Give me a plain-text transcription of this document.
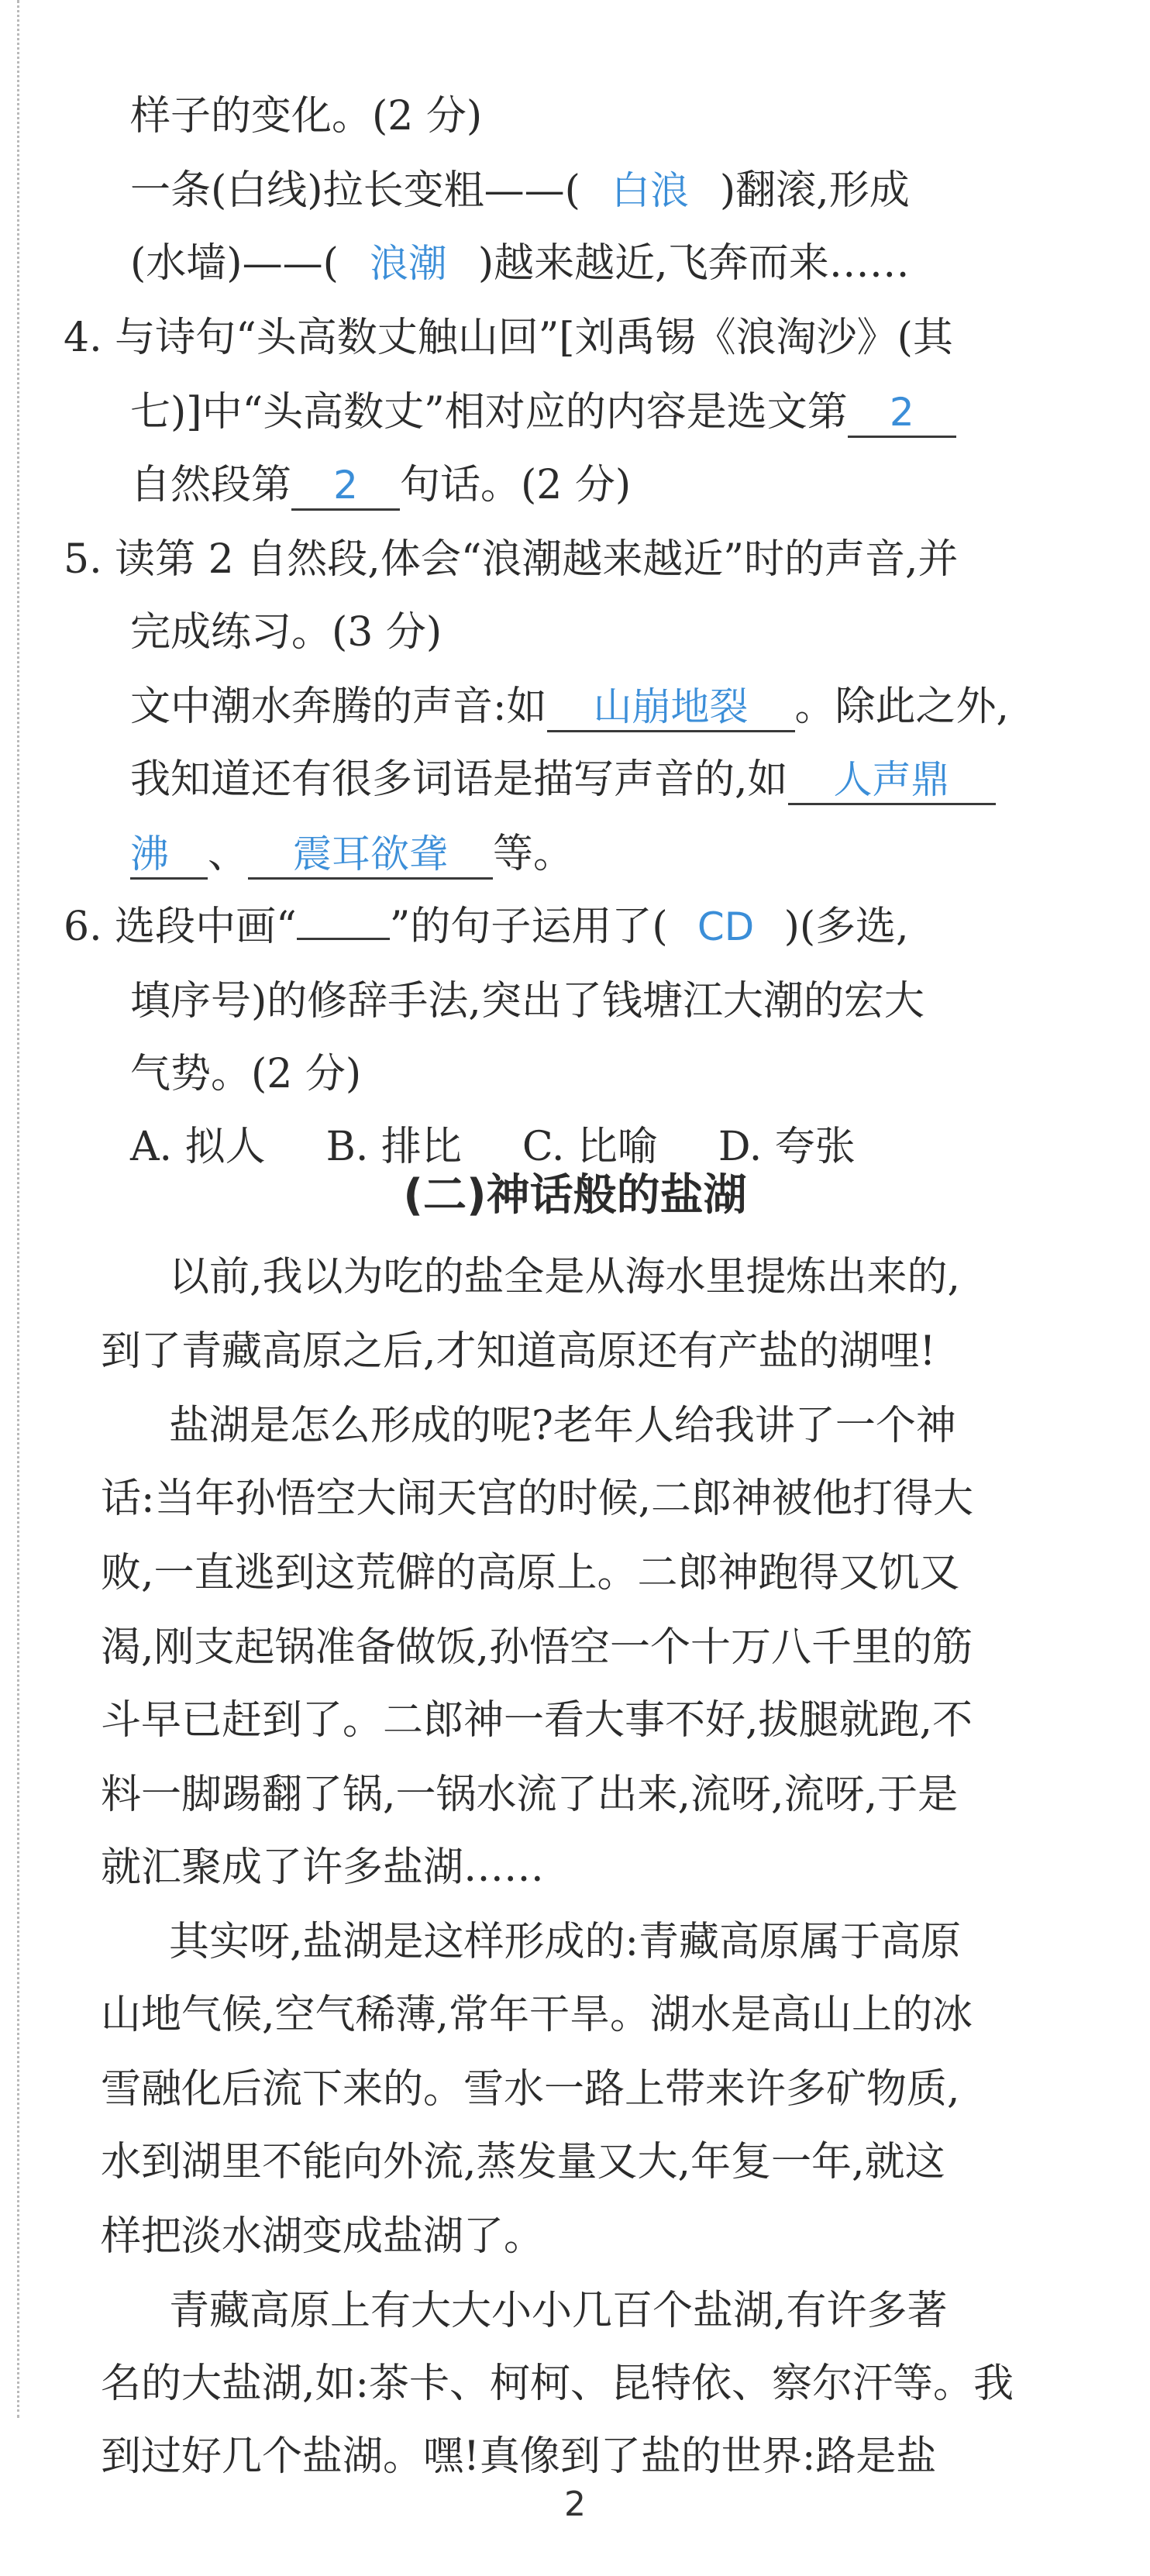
样子的变化。(2 分)
一条(白线)拉长变粗——( 白浪 )翻滚,形成
(水墙)——( 浪潮 )越来越近,飞奔而来……
4. 与诗句“头高数丈触山回”[刘禹锡《浪淘沙》(其
七)]中“头高数丈”相对应的内容是选文第 2
自然段第 2 句话。(2 分)
5. 读第 2 自然段,体会“浪潮越来越近”时的声音,并
完成练习。(3 分)
文中潮水奔腾的声音:如 山崩地裂 。除此之外,
我知道还有很多词语是描写声音的,如 人声鼎
沸 、 震耳欲聋 等。
6. 选段中画“ ”的句子运用了( CD )(多选,
填序号)的修辞手法,突出了钱塘江大潮的宏大
气势。(2 分)
A. 拟人 B. 排比 C. 比喻 D. 夸张
(二)神话般的盐湖
以前,我以为吃的盐全是从海水里提炼出来的,
到了青藏高原之后,才知道高原还有产盐的湖哩!
盐湖是怎么形成的呢?老年人给我讲了一个神
话:当年孙悟空大闹天宫的时候,二郎神被他打得大
败,一直逃到这荒僻的高原上。二郎神跑得又饥又
渴,刚支起锅准备做饭,孙悟空一个十万八千里的筋
斗早已赶到了。二郎神一看大事不好,拔腿就跑,不
料一脚踢翻了锅,一锅水流了出来,流呀,流呀,于是
就汇聚成了许多盐湖……
其实呀,盐湖是这样形成的:青藏高原属于高原
山地气候,空气稀薄,常年干旱。湖水是高山上的冰
雪融化后流下来的。雪水一路上带来许多矿物质,
水到湖里不能向外流,蒸发量又大,年复一年,就这
样把淡水湖变成盐湖了。
青藏高原上有大大小小几百个盐湖,有许多著
名的大盐湖,如:茶卡、柯柯、昆特依、察尔汗等。我
到过好几个盐湖。嘿!真像到了盐的世界:路是盐
2
